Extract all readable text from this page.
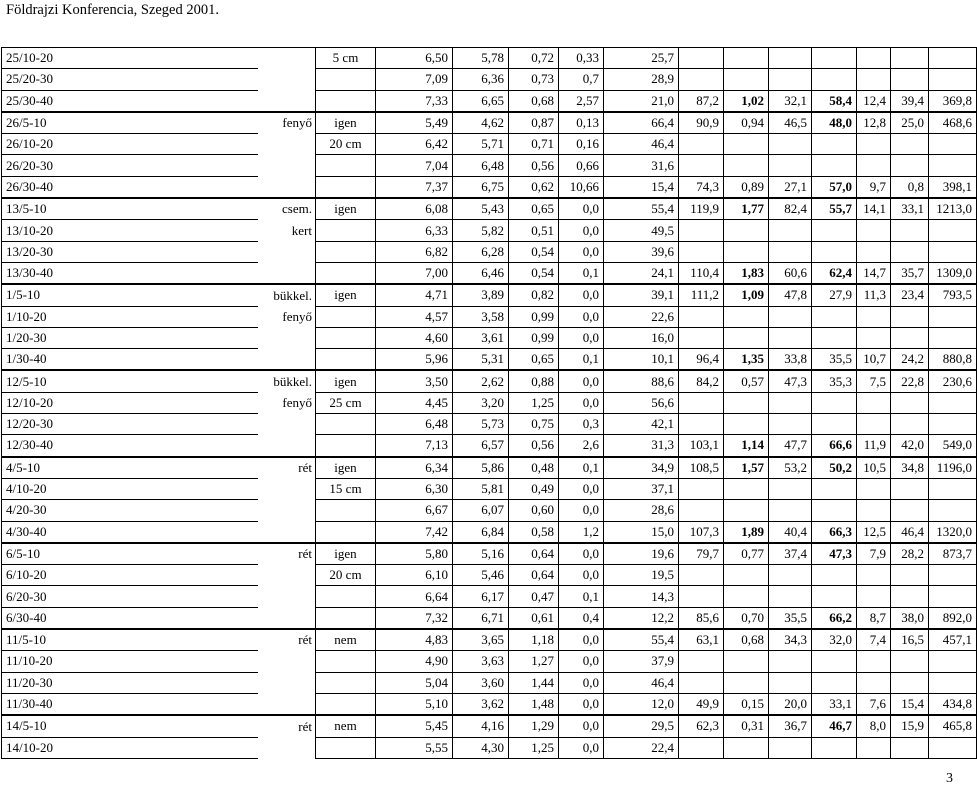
Földrajzi Konferencia, Szeged 2001.
25/10-20		5 cm	6,50	5,78	0,72	0,33	25,7							
25/20-30			7,09	6,36	0,73	0,7	28,9							
25/30-40			7,33	6,65	0,68	2,57	21,0	87,2	1,02	32,1	58,4	12,4	39,4	369,8
26/5-10	fenyő	igen	5,49	4,62	0,87	0,13	66,4	90,9	0,94	46,5	48,0	12,8	25,0	468,6
26/10-20		20 cm	6,42	5,71	0,71	0,16	46,4							
26/20-30			7,04	6,48	0,56	0,66	31,6							
26/30-40			7,37	6,75	0,62	10,66	15,4	74,3	0,89	27,1	57,0	9,7	0,8	398,1
13/5-10	csem.	igen	6,08	5,43	0,65	0,0	55,4	119,9	1,77	82,4	55,7	14,1	33,1	1213,0
13/10-20	kert		6,33	5,82	0,51	0,0	49,5							
13/20-30			6,82	6,28	0,54	0,0	39,6							
13/30-40			7,00	6,46	0,54	0,1	24,1	110,4	1,83	60,6	62,4	14,7	35,7	1309,0
1/5-10	bükkel.	igen	4,71	3,89	0,82	0,0	39,1	111,2	1,09	47,8	27,9	11,3	23,4	793,5
1/10-20	fenyő		4,57	3,58	0,99	0,0	22,6							
1/20-30			4,60	3,61	0,99	0,0	16,0							
1/30-40			5,96	5,31	0,65	0,1	10,1	96,4	1,35	33,8	35,5	10,7	24,2	880,8
12/5-10	bükkel.	igen	3,50	2,62	0,88	0,0	88,6	84,2	0,57	47,3	35,3	7,5	22,8	230,6
12/10-20	fenyő	25 cm	4,45	3,20	1,25	0,0	56,6							
12/20-30			6,48	5,73	0,75	0,3	42,1							
12/30-40			7,13	6,57	0,56	2,6	31,3	103,1	1,14	47,7	66,6	11,9	42,0	549,0
4/5-10	rét	igen	6,34	5,86	0,48	0,1	34,9	108,5	1,57	53,2	50,2	10,5	34,8	1196,0
4/10-20		15 cm	6,30	5,81	0,49	0,0	37,1							
4/20-30			6,67	6,07	0,60	0,0	28,6							
4/30-40			7,42	6,84	0,58	1,2	15,0	107,3	1,89	40,4	66,3	12,5	46,4	1320,0
6/5-10	rét	igen	5,80	5,16	0,64	0,0	19,6	79,7	0,77	37,4	47,3	7,9	28,2	873,7
6/10-20		20 cm	6,10	5,46	0,64	0,0	19,5							
6/20-30			6,64	6,17	0,47	0,1	14,3							
6/30-40			7,32	6,71	0,61	0,4	12,2	85,6	0,70	35,5	66,2	8,7	38,0	892,0
11/5-10	rét	nem	4,83	3,65	1,18	0,0	55,4	63,1	0,68	34,3	32,0	7,4	16,5	457,1
11/10-20			4,90	3,63	1,27	0,0	37,9							
11/20-30			5,04	3,60	1,44	0,0	46,4							
11/30-40			5,10	3,62	1,48	0,0	12,0	49,9	0,15	20,0	33,1	7,6	15,4	434,8
14/5-10	rét	nem	5,45	4,16	1,29	0,0	29,5	62,3	0,31	36,7	46,7	8,0	15,9	465,8
14/10-20			5,55	4,30	1,25	0,0	22,4							
3
